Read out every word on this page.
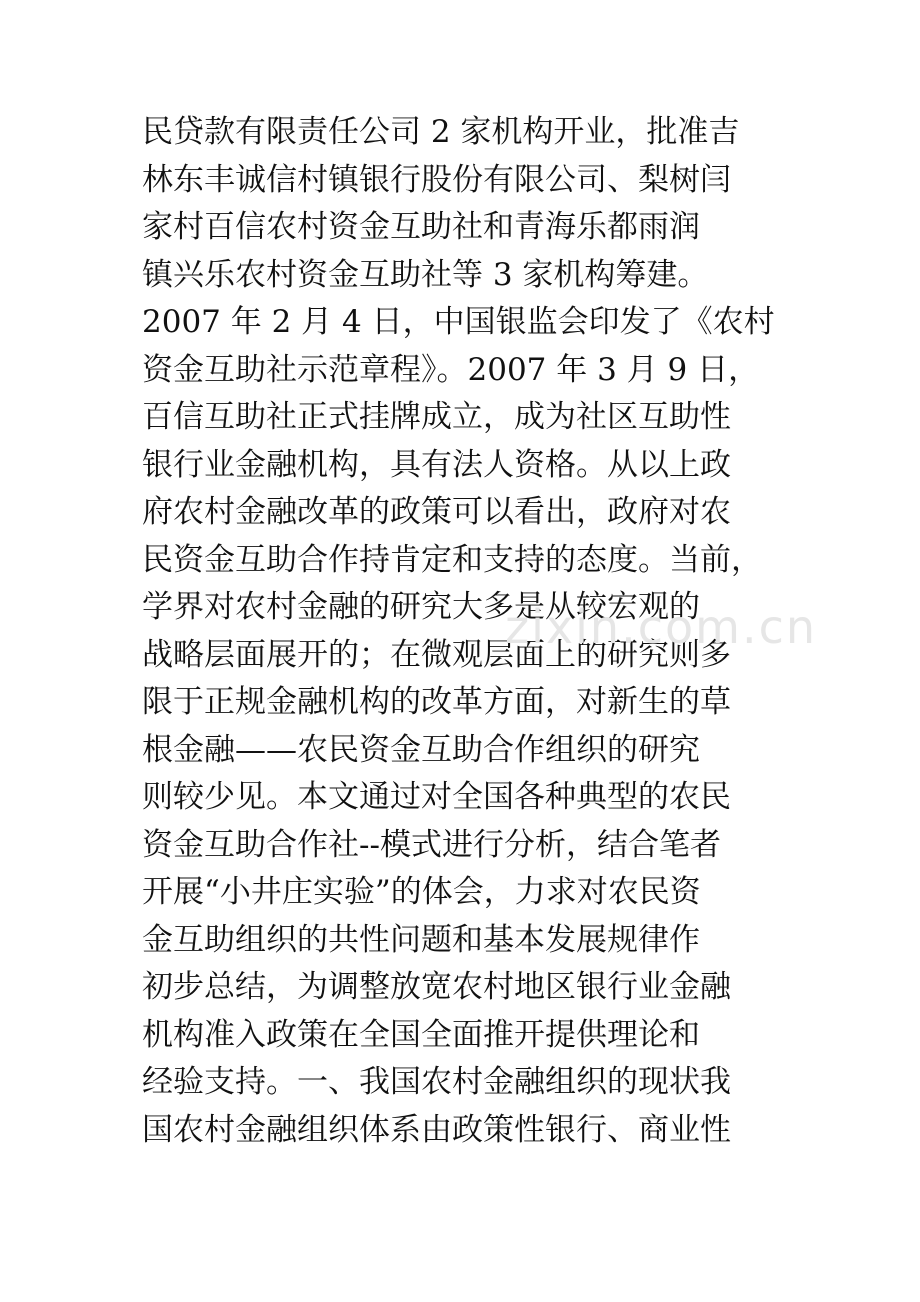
民贷款有限责任公司 2 家机构开业，批准吉
林东丰诚信村镇银行股份有限公司、梨树闫
家村百信农村资金互助社和青海乐都雨润
镇兴乐农村资金互助社等 3 家机构筹建。
2007 年 2 月 4 日，中国银监会印发了《农村
资金互助社示范章程》。2007 年 3 月 9 日，
百信互助社正式挂牌成立，成为社区互助性
银行业金融机构，具有法人资格。从以上政
府农村金融改革的政策可以看出，政府对农
民资金互助合作持肯定和支持的态度。当前，
学界对农村金融的研究大多是从较宏观的
战略层面展开的；在微观层面上的研究则多
限于正规金融机构的改革方面，对新生的草
根金融——农民资金互助合作组织的研究
则较少见。本文通过对全国各种典型的农民
资金互助合作社--模式进行分析，结合笔者
开展“小井庄实验”的体会，力求对农民资
金互助组织的共性问题和基本发展规律作
初步总结，为调整放宽农村地区银行业金融
机构准入政策在全国全面推开提供理论和
经验支持。一、我国农村金融组织的现状我
国农村金融组织体系由政策性银行、商业性
zixin.com.cn
